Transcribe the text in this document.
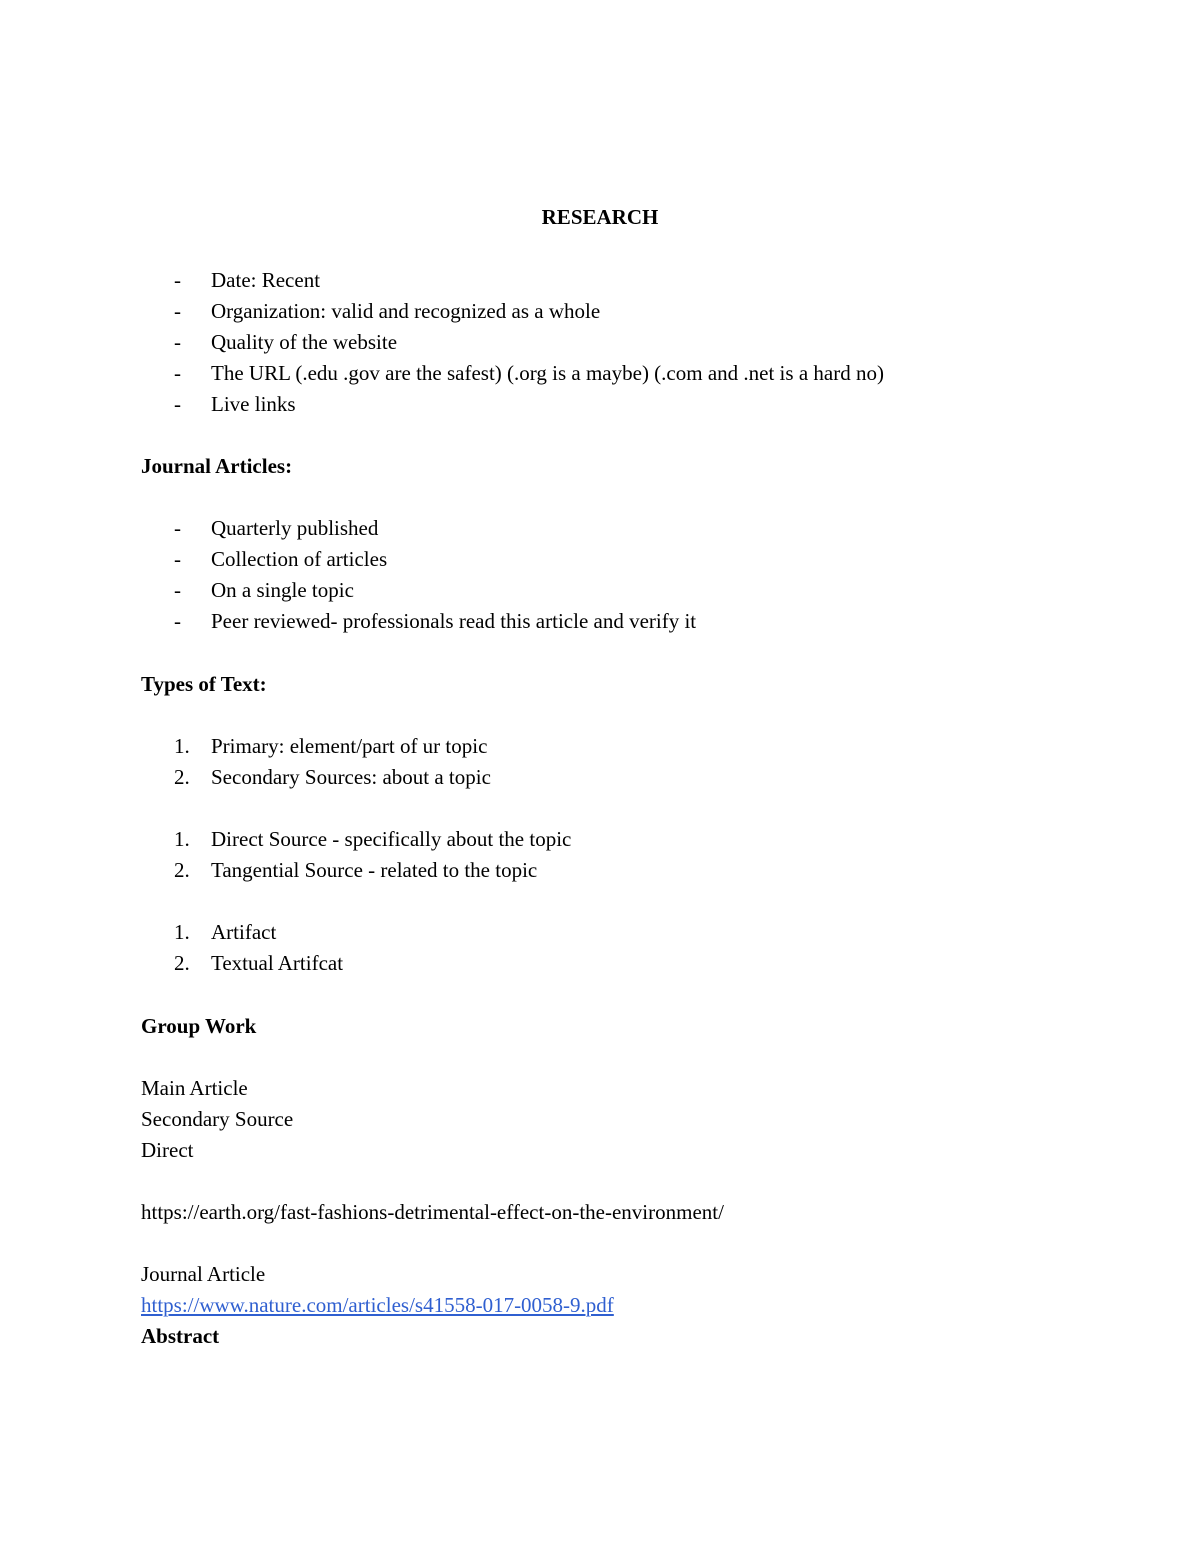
RESEARCH
- Date: Recent
- Organization: valid and recognized as a whole
- Quality of the website
- The URL (.edu .gov are the safest) (.org is a maybe) (.com and .net is a hard no)
- Live links
Journal Articles:
- Quarterly published
- Collection of articles
- On a single topic
- Peer reviewed- professionals read this article and verify it
Types of Text:
1. Primary: element/part of ur topic
2. Secondary Sources: about a topic
1. Direct Source - specifically about the topic
2. Tangential Source - related to the topic
1. Artifact
2. Textual Artifcat
Group Work
Main Article
Secondary Source
Direct
https://earth.org/fast-fashions-detrimental-effect-on-the-environment/
Journal Article
https://www.nature.com/articles/s41558-017-0058-9.pdf
Abstract
